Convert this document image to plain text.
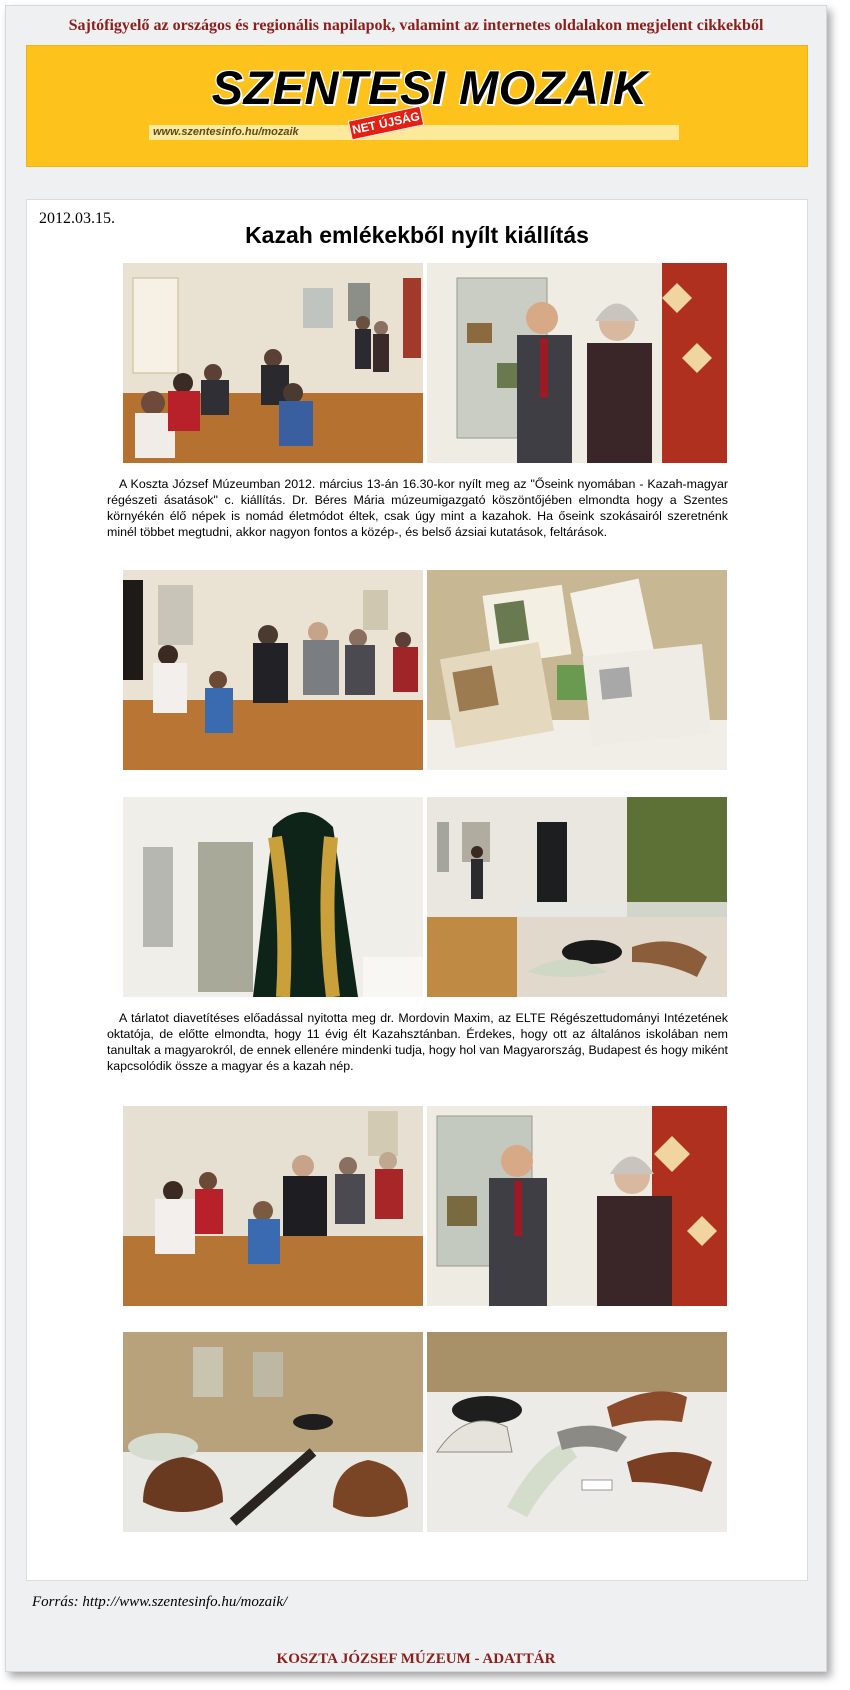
Sajtófigyelő az országos és regionális napilapok, valamint az internetes oldalakon megjelent cikkekből
SZENTESI MOZAIK
www.szentesinfo.hu/mozaik	NET ÚJSÁG
2012.03.15.
Kazah emlékekből nyílt kiállítás

A Koszta József Múzeumban 2012. március 13-án 16.30-kor nyílt meg az "Őseink nyomában - Kazah-magyar régészeti ásatások" c. kiállítás. Dr. Béres Mária múzeumigazgató köszöntőjében elmondta hogy a Szentes környékén élő népek is nomád életmódot éltek, csak úgy mint a kazahok. Ha őseink szokásairól szeretnénk minél többet megtudni, akkor nagyon fontos a közép-, és belső ázsiai kutatások, feltárások.

A tárlatot diavetítéses előadással nyitotta meg dr. Mordovin Maxim, az ELTE Régészettudományi Intézetének oktatója, de előtte elmondta, hogy 11 évig élt Kazahsztánban. Érdekes, hogy ott az általános iskolában nem tanultak a magyarokról, de ennek ellenére mindenki tudja, hogy hol van Magyarország, Budapest és hogy miként kapcsolódik össze a magyar és a kazah nép.

Forrás: http://www.szentesinfo.hu/mozaik/
KOSZTA JÓZSEF MÚZEUM - ADATTÁR
